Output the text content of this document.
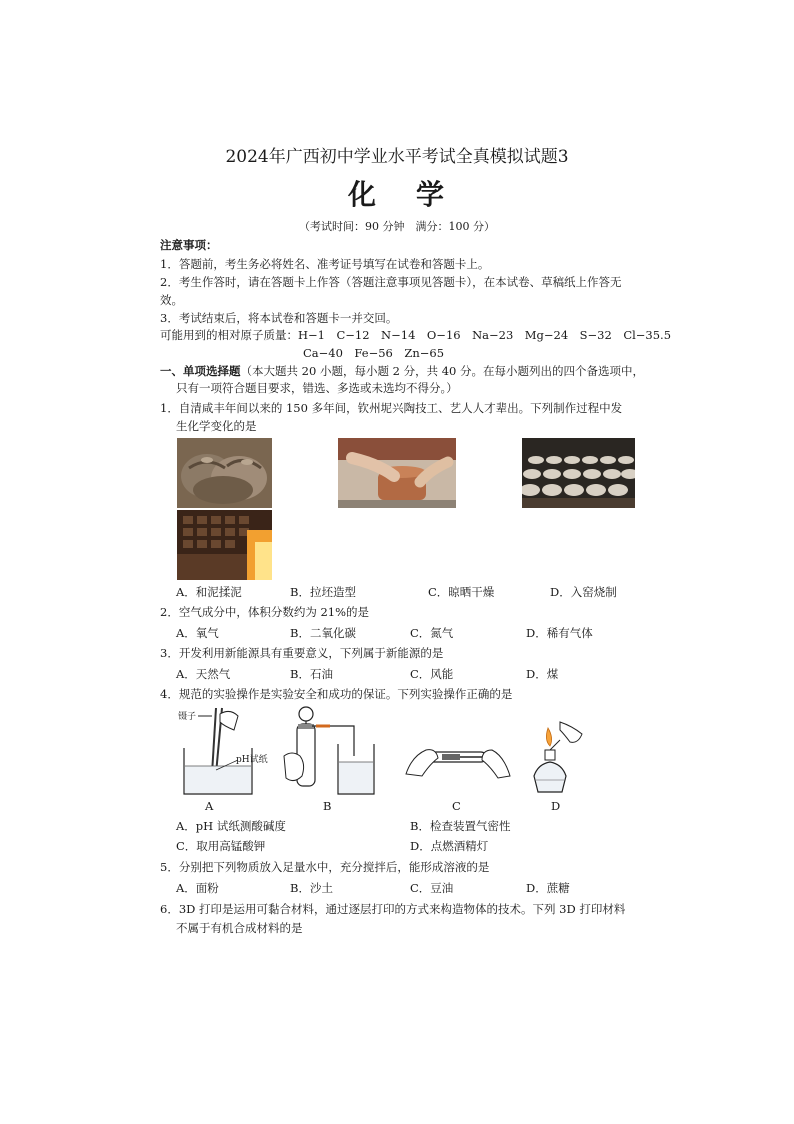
2024年广西初中学业水平考试全真模拟试题3
化 学
（考试时间：90 分钟　满分：100 分）
注意事项：
1．答题前，考生务必将姓名、准考证号填写在试卷和答题卡上。
2．考生作答时，请在答题卡上作答（答题注意事项见答题卡），在本试卷、草稿纸上作答无
效。
3．考试结束后，将本试卷和答题卡一并交回。
可能用到的相对原子质量：H−1　C−12　N−14　O−16　Na−23　Mg−24　S−32　Cl−35.5
Ca−40　Fe−56　Zn−65
一、单项选择题（本大题共 20 小题，每小题 2 分，共 40 分。在每小题列出的四个备选项中，
只有一项符合题目要求，错选、多选或未选均不得分。）
1．自清咸丰年间以来的 150 多年间，钦州坭兴陶技工、艺人人才辈出。下列制作过程中发
生化学变化的是
A．和泥揉泥	B．拉坯造型	C．晾晒干燥	D．入窑烧制
2．空气成分中，体积分数约为 21%的是
A．氧气	B．二氧化碳	C．氮气	D．稀有气体
3．开发利用新能源具有重要意义，下列属于新能源的是
A．天然气	B．石油	C．风能	D．煤
4．规范的实验操作是实验安全和成功的保证。下列实验操作正确的是
镊子
pH试纸
A	B	C	D
A．pH 试纸测酸碱度	B．检查装置气密性
C．取用高锰酸钾	D．点燃酒精灯
5．分别把下列物质放入足量水中，充分搅拌后，能形成溶液的是
A．面粉	B．沙土	C．豆油	D．蔗糖
6．3D 打印是运用可黏合材料，通过逐层打印的方式来构造物体的技术。下列 3D 打印材料
不属于有机合成材料的是
